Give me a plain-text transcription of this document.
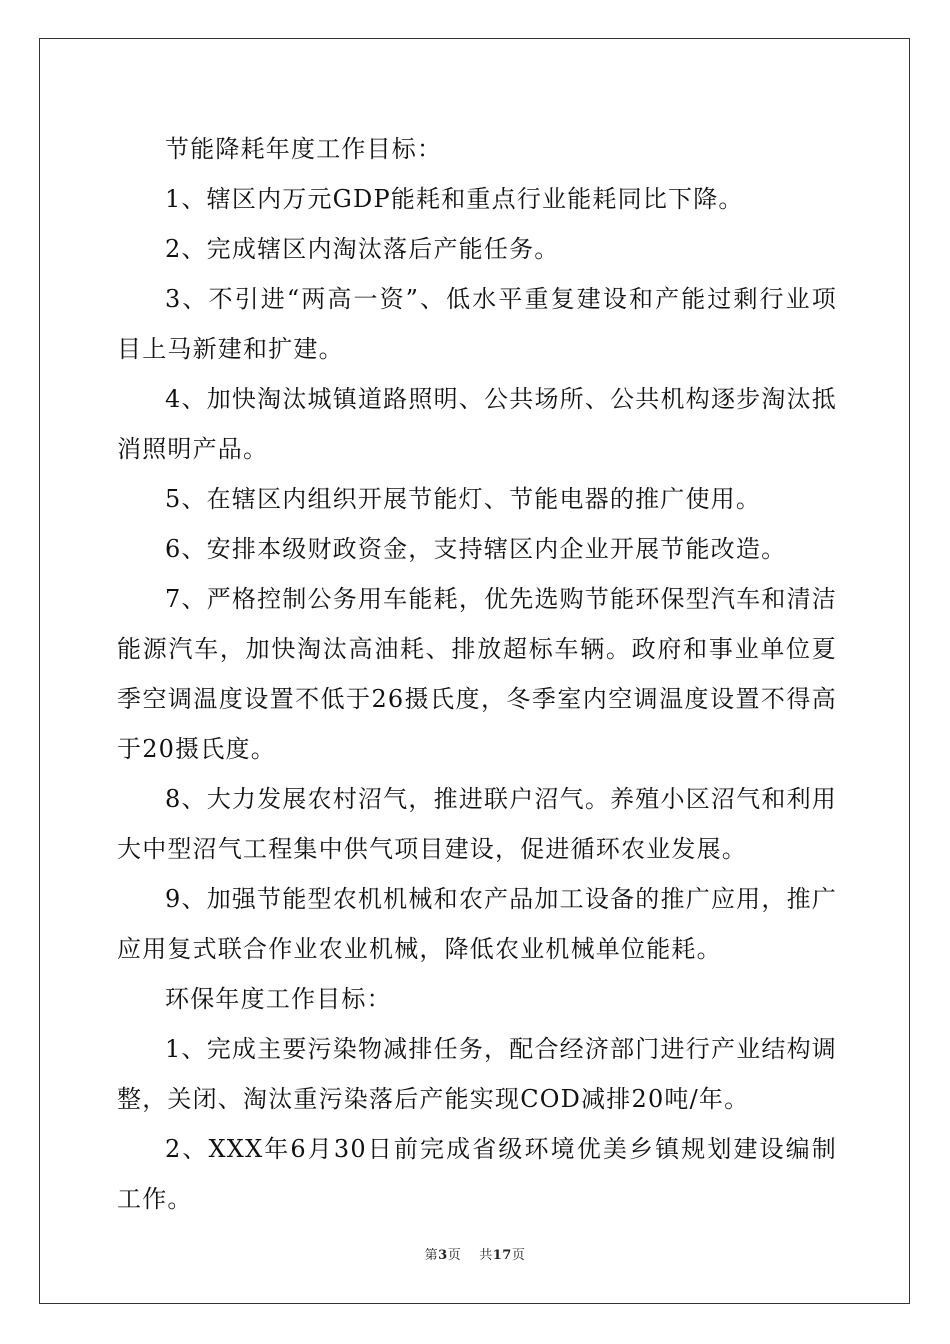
节能降耗年度工作目标：

1、辖区内万元GDP能耗和重点行业能耗同比下降。

2、完成辖区内淘汰落后产能任务。

3、不引进“两高一资”、低水平重复建设和产能过剩行业项目上马新建和扩建。

4、加快淘汰城镇道路照明、公共场所、公共机构逐步淘汰抵消照明产品。

5、在辖区内组织开展节能灯、节能电器的推广使用。

6、安排本级财政资金，支持辖区内企业开展节能改造。

7、严格控制公务用车能耗，优先选购节能环保型汽车和清洁能源汽车，加快淘汰高油耗、排放超标车辆。政府和事业单位夏季空调温度设置不低于26摄氏度，冬季室内空调温度设置不得高于20摄氏度。

8、大力发展农村沼气，推进联户沼气。养殖小区沼气和利用大中型沼气工程集中供气项目建设，促进循环农业发展。

9、加强节能型农机机械和农产品加工设备的推广应用，推广应用复式联合作业农业机械，降低农业机械单位能耗。

环保年度工作目标：

1、完成主要污染物减排任务，配合经济部门进行产业结构调整，关闭、淘汰重污染落后产能实现COD减排20吨/年。

2、XXX年6月30日前完成省级环境优美乡镇规划建设编制工作。

第3页 共17页
